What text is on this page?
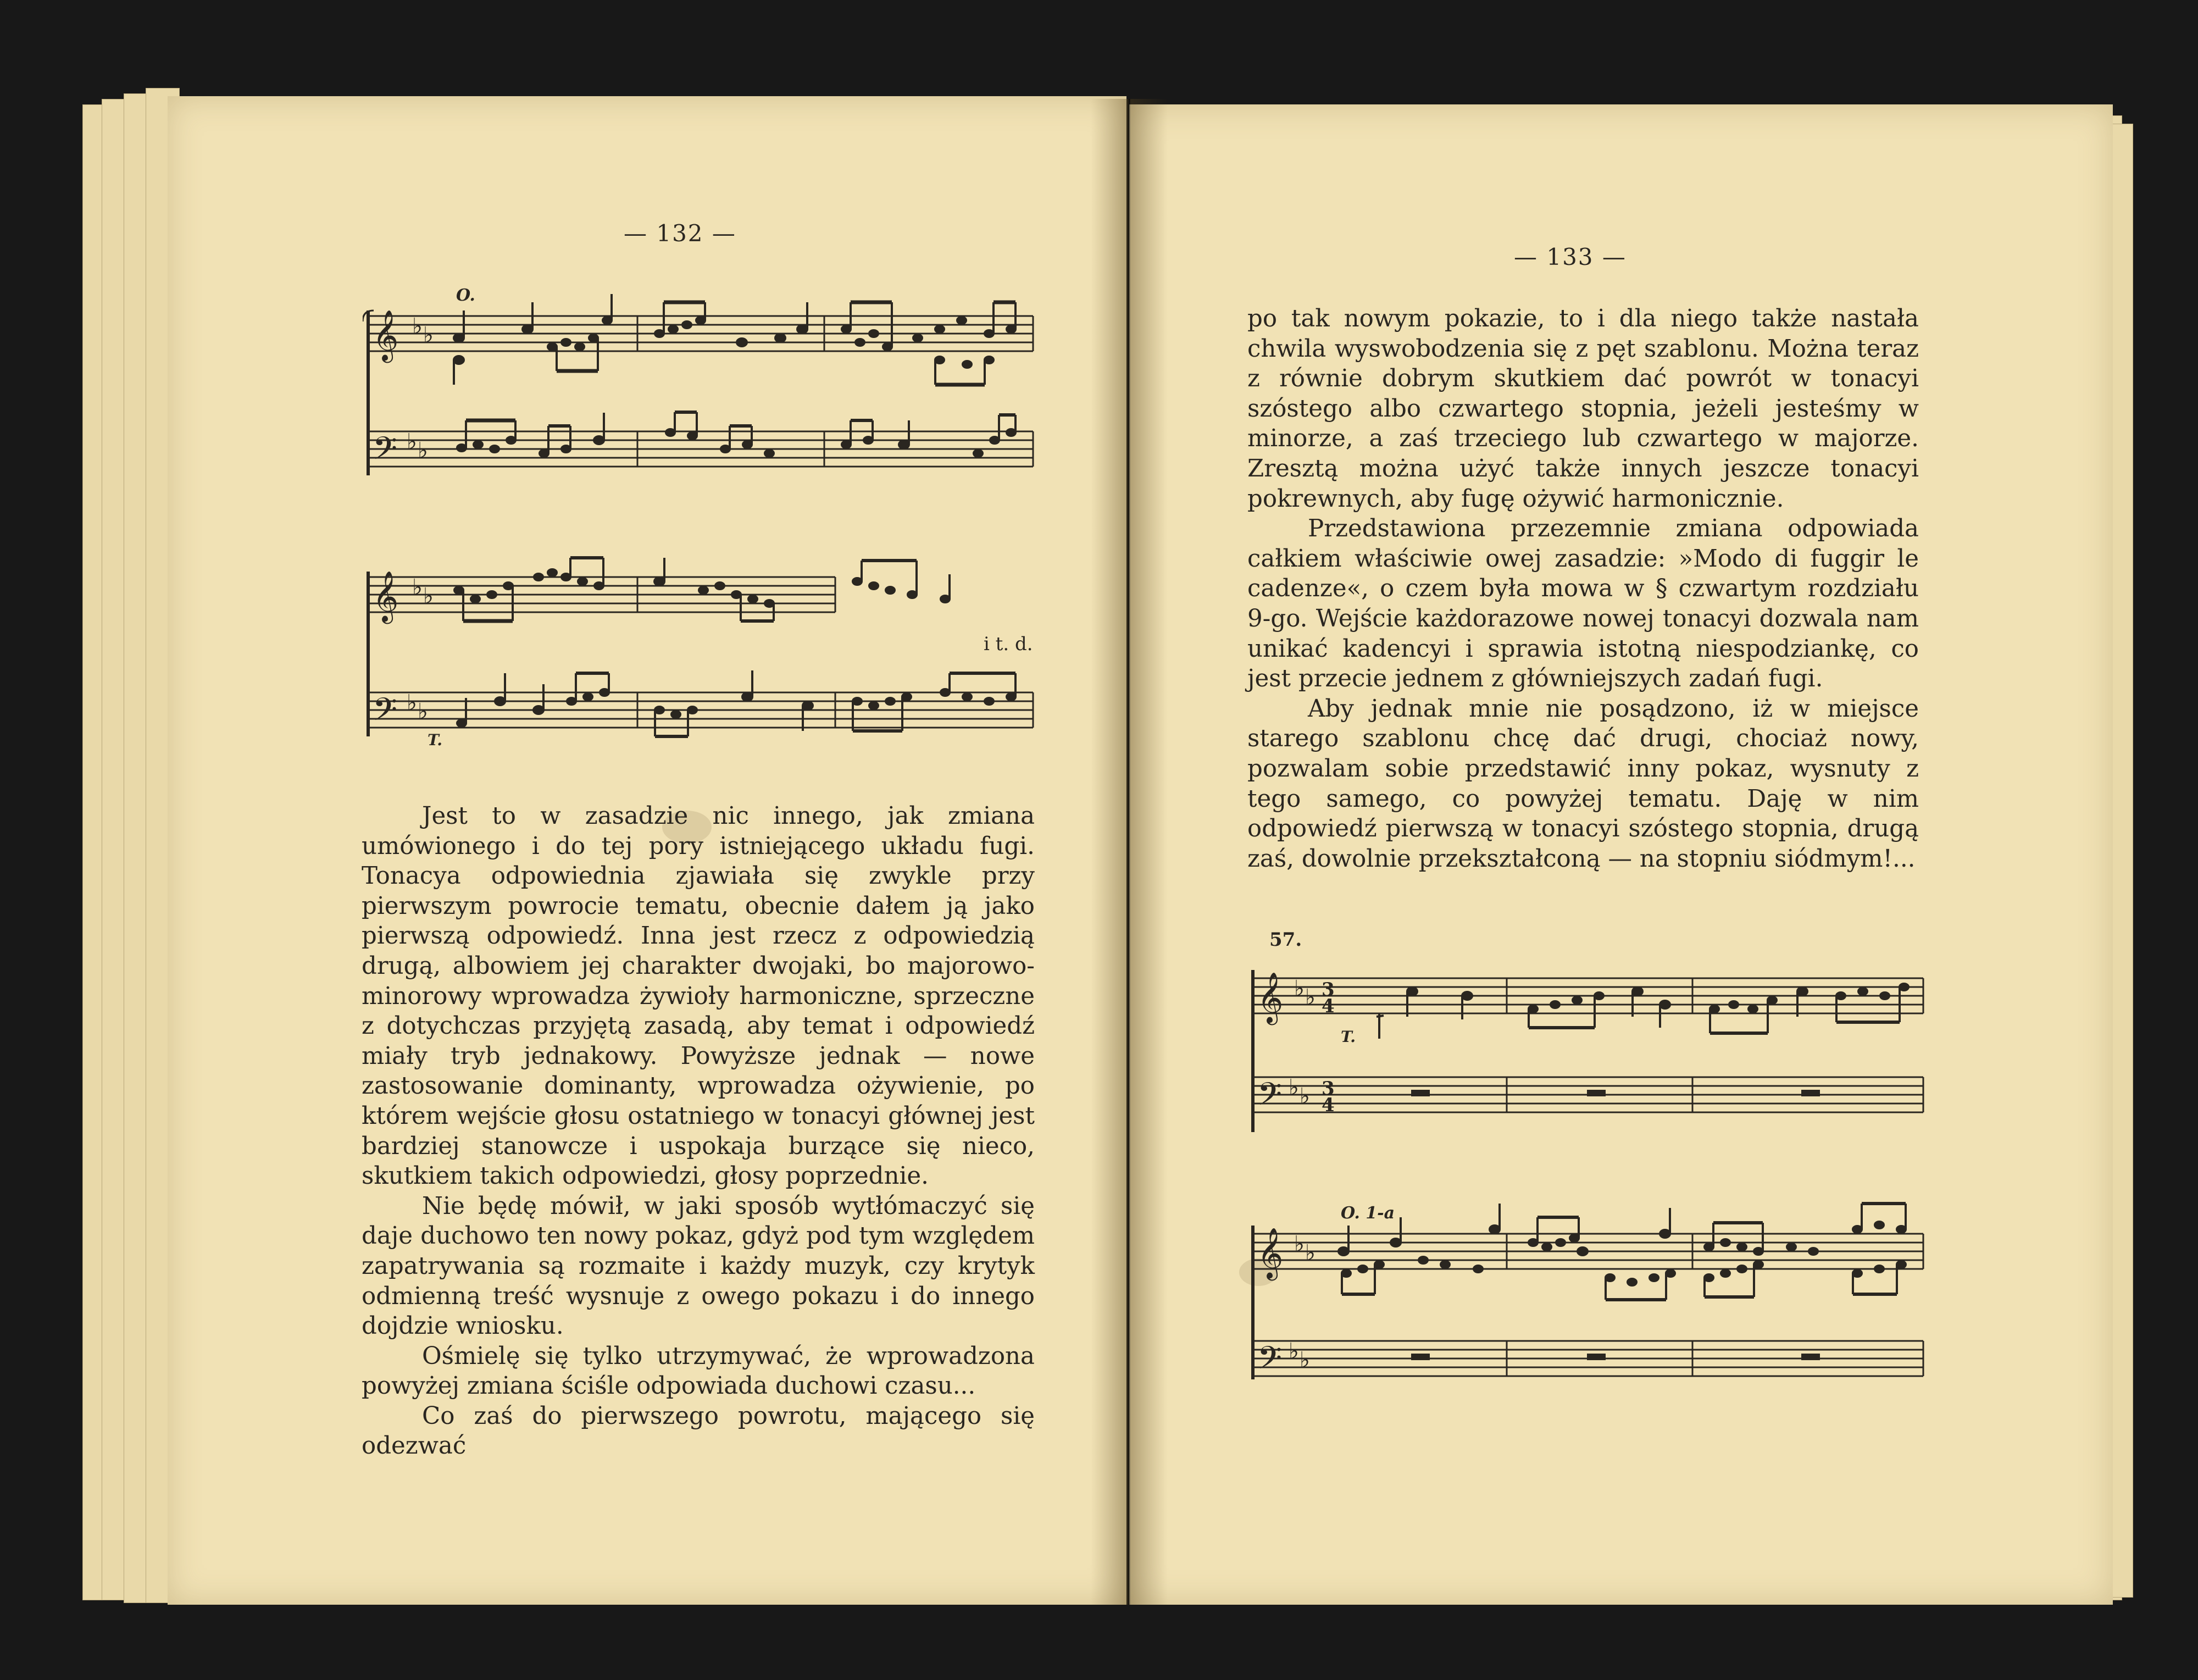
— 132 —
𝄞
𝄢
♭ ♭
♭ ♭
O.
𝄞
𝄢
♭ ♭
♭ ♭
i t. d.
T.

Jest to w zasadzie nic innego, jak zmiana umówionego i do tej pory istniejącego układu fugi. Tonacya odpowiednia zjawiała się zwykle przy pierwszym powrocie tematu, obecnie dałem ją jako pierwszą odpowiedź. Inna jest rzecz z odpowiedzią drugą, albowiem jej charakter dwojaki, bo majorowo-minorowy wprowadza żywioły harmoniczne, sprzeczne z dotychczas przyjętą zasadą, aby temat i odpowiedź miały tryb jednakowy. Powyższe jednak — nowe zastosowanie dominanty, wprowadza ożywienie, po którem wejście głosu ostatniego w tonacyi głównej jest bardziej stanowcze i uspokaja burzące się nieco, skutkiem takich odpowiedzi, głosy poprzednie.

Nie będę mówił, w jaki sposób wytłómaczyć się daje duchowo ten nowy pokaz, gdyż pod tym względem zapatrywania są rozmaite i każdy muzyk, czy krytyk odmienną treść wysnuje z owego pokazu i do innego dojdzie wniosku.

Ośmielę się tylko utrzymywać, że wprowadzona powyżej zmiana ściśle odpowiada duchowi czasu...

Co zaś do pierwszego powrotu, mającego się odezwać

— 133 —

po tak nowym pokazie, to i dla niego także nastała chwila wyswobodzenia się z pęt szablonu. Można teraz z równie dobrym skutkiem dać powrót w tonacyi szóstego albo czwartego stopnia, jeżeli jesteśmy w minorze, a zaś trzeciego lub czwartego w majorze. Zresztą można użyć także innych jeszcze tonacyi pokrewnych, aby fugę ożywić harmonicznie.

Przedstawiona przezemnie zmiana odpowiada całkiem właściwie owej zasadzie: »Modo di fuggir le cadenze«, o czem była mowa w § czwartym rozdziału 9-go. Wejście każdorazowe nowej tonacyi dozwala nam unikać kadencyi i sprawia istotną niespodziankę, co jest przecie jednem z główniejszych zadań fugi.

Aby jednak mnie nie posądzono, iż w miejsce starego szablonu chcę dać drugi, chociaż nowy, pozwalam sobie przedstawić inny pokaz, wysnuty z tego samego, co powyżej tematu. Daję w nim odpowiedź pierwszą w tonacyi szóstego stopnia, drugą zaś, dowolnie przekształconą — na stopniu siódmym!...

57.
𝄞
𝄢
♭ ♭
♭ ♭
3
4
3
4
T.
O. 1-a
𝄞
𝄢
♭ ♭
♭ ♭
